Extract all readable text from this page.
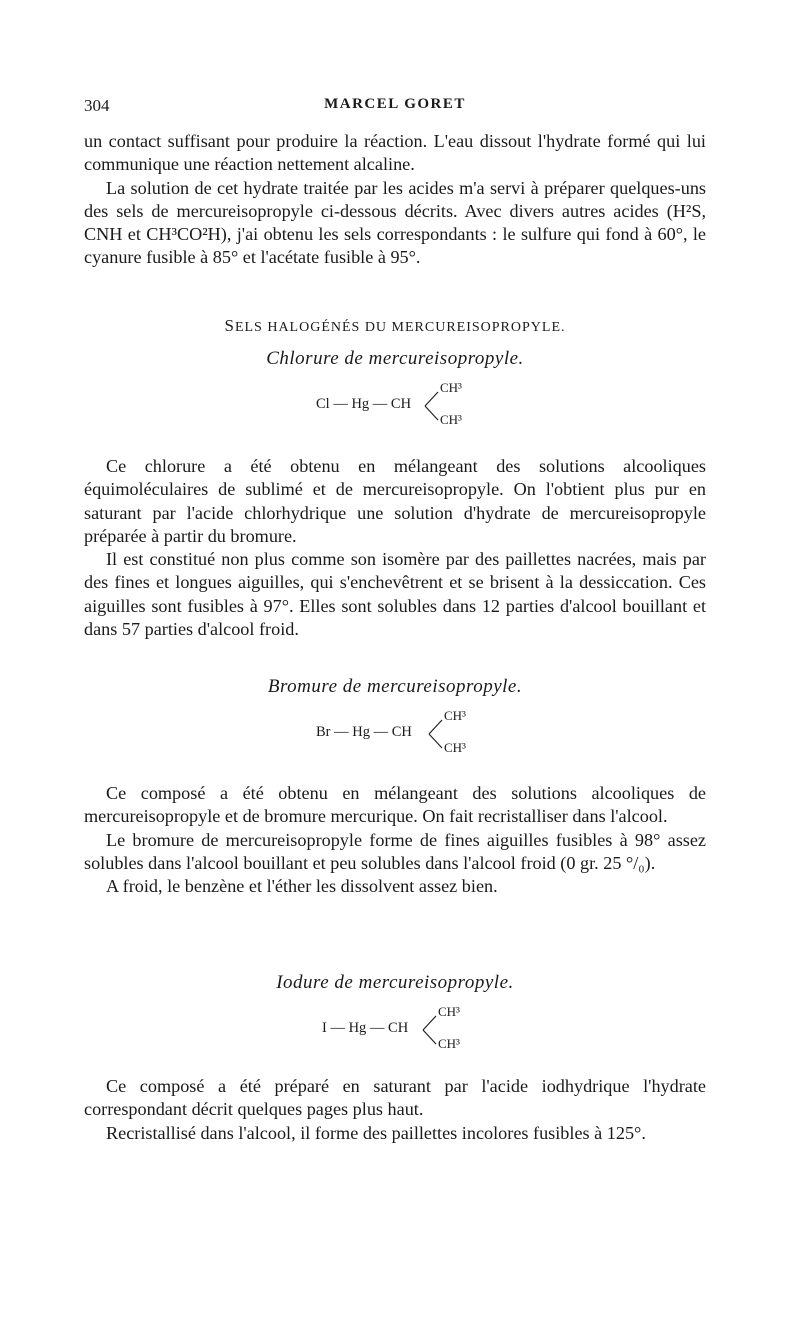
304	MARCEL GORET

un contact suffisant pour produire la réaction. L'eau dissout l'hydrate formé qui lui communique une réaction nettement alcaline.

La solution de cet hydrate traitée par les acides m'a servi à préparer quelques-uns des sels de mercureisopropyle ci-dessous décrits. Avec divers autres acides (H²S, CNH et CH³CO²H), j'ai obtenu les sels correspondants : le sulfure qui fond à 60°, le cyanure fusible à 85° et l'acétate fusible à 95°.

SELS HALOGÉNÉS DU MERCUREISOPROPYLE.
Chlorure de mercureisopropyle.
Cl — Hg — CH
CH³
CH³

Ce chlorure a été obtenu en mélangeant des solutions alcooliques équimoléculaires de sublimé et de mercureisopropyle. On l'obtient plus pur en saturant par l'acide chlorhydrique une solution d'hydrate de mercureisopropyle préparée à partir du bromure.

Il est constitué non plus comme son isomère par des paillettes nacrées, mais par des fines et longues aiguilles, qui s'enchevêtrent et se brisent à la dessiccation. Ces aiguilles sont fusibles à 97°. Elles sont solubles dans 12 parties d'alcool bouillant et dans 57 parties d'alcool froid.

Bromure de mercureisopropyle.
Br — Hg — CH
CH³
CH³

Ce composé a été obtenu en mélangeant des solutions alcooliques de mercureisopropyle et de bromure mercurique. On fait recristalliser dans l'alcool.

Le bromure de mercureisopropyle forme de fines aiguilles fusibles à 98° assez solubles dans l'alcool bouillant et peu solubles dans l'alcool froid (0 gr. 25 °/₀).

A froid, le benzène et l'éther les dissolvent assez bien.

Iodure de mercureisopropyle.
I — Hg — CH
CH³
CH³

Ce composé a été préparé en saturant par l'acide iodhydrique l'hydrate correspondant décrit quelques pages plus haut.

Recristallisé dans l'alcool, il forme des paillettes incolores fusibles à 125°.
